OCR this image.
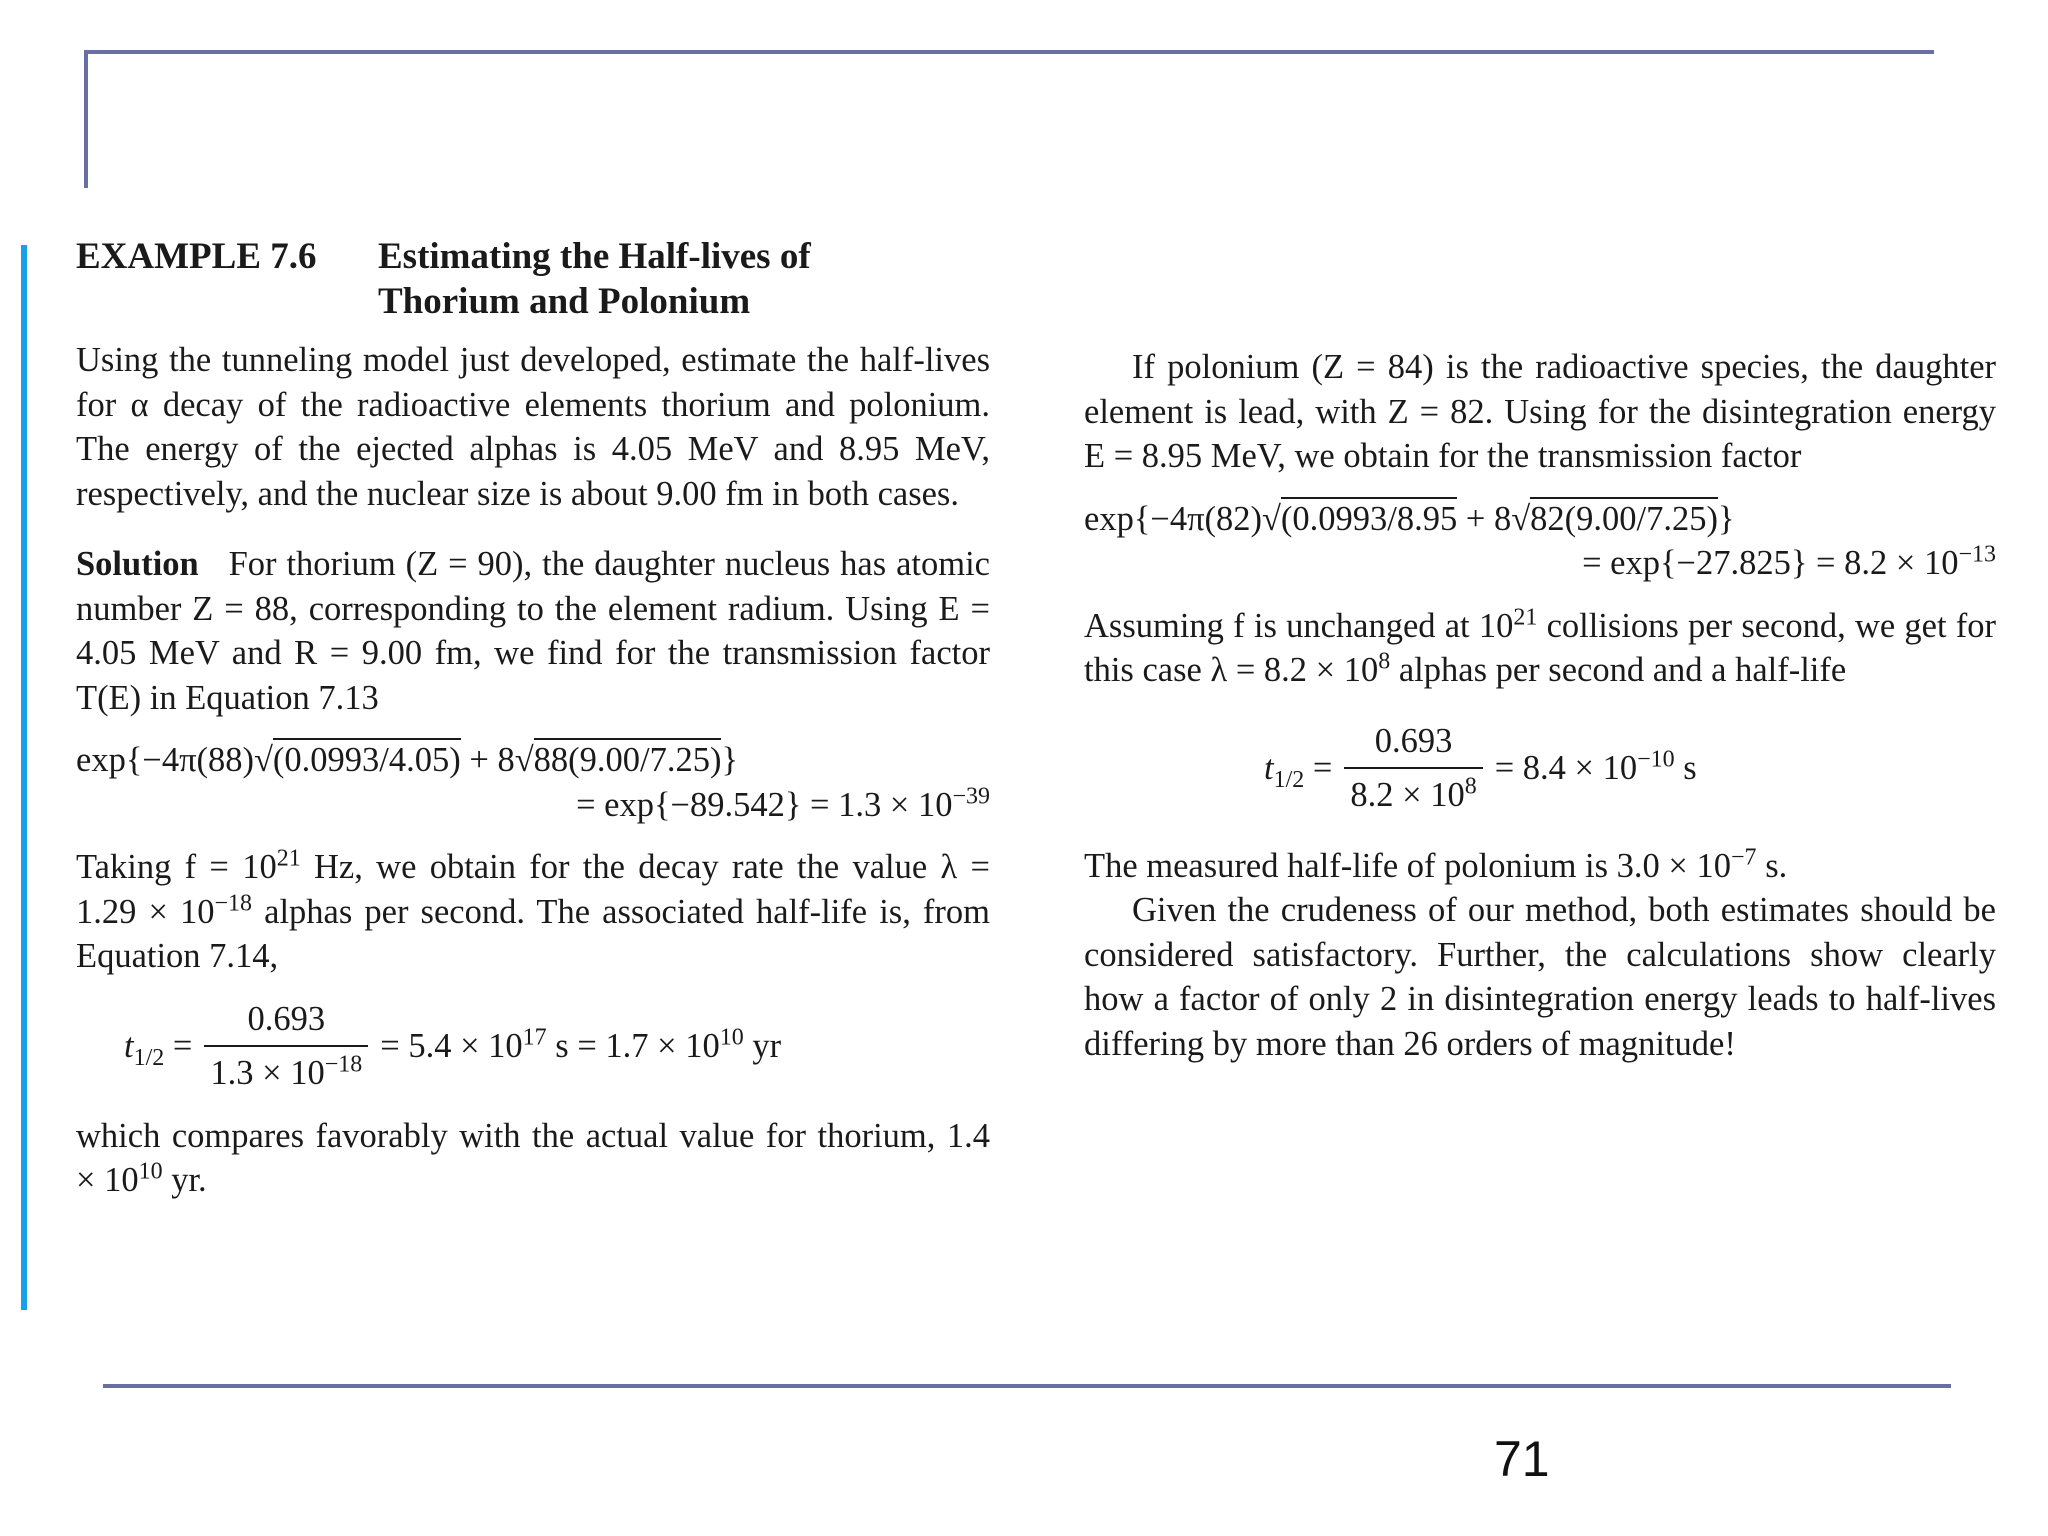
EXAMPLE 7.6	Estimating the Half-lives of
Thorium and Polonium

Using the tunneling model just developed, estimate the half-lives for α decay of the radioactive elements thorium and polonium. The energy of the ejected alphas is 4.05 MeV and 8.95 MeV, respectively, and the nuclear size is about 9.00 fm in both cases.

Solution For thorium (Z = 90), the daughter nucleus has atomic number Z = 88, corresponding to the element radium. Using E = 4.05 MeV and R = 9.00 fm, we find for the transmission factor T(E) in Equation 7.13

exp{−4π(88)√(0.0993/4.05) + 8√88(9.00/7.25)}
= $\exp\{-89.542\} = 1.3 \times 10^{-39}$

Taking $f = 10^{21}$ Hz, we obtain for the decay rate the value $\lambda = 1.29 \times 10^{-18}$ alphas per second. The associated half-life is, from Equation 7.14,

$t_{1/2} = \frac{0.693}{1.3 \times 10^{-18}} = 5.4 \times 10^{17}$ $s = 1.7 \times 10^{10}$ yr

which compares favorably with the actual value for thorium, $1.4 \times 10^{10}$ yr.

If polonium (Z = 84) is the radioactive species, the daughter element is lead, with Z = 82. Using for the disintegration energy E = 8.95 MeV, we obtain for the transmission factor

exp{−4π(82)√(0.0993/8.95 + 8√82(9.00/7.25)}
= $\exp\{-27.825\} = 8.2 \times 10^{-13}$

Assuming f is unchanged at $10^{21}$ collisions per second, we get for this case $\lambda = 8.2 \times 10^8$ alphas per second and a half-life

$t_{1/2} = \frac{0.693}{8.2 \times 10^8} = 8.4 \times 10^{-10}$ s

The measured half-life of polonium is $3.0 \times 10^{-7}$ s.

Given the crudeness of our method, both estimates should be considered satisfactory. Further, the calculations show clearly how a factor of only 2 in disintegration energy leads to half-lives differing by more than 26 orders of magnitude!

71
